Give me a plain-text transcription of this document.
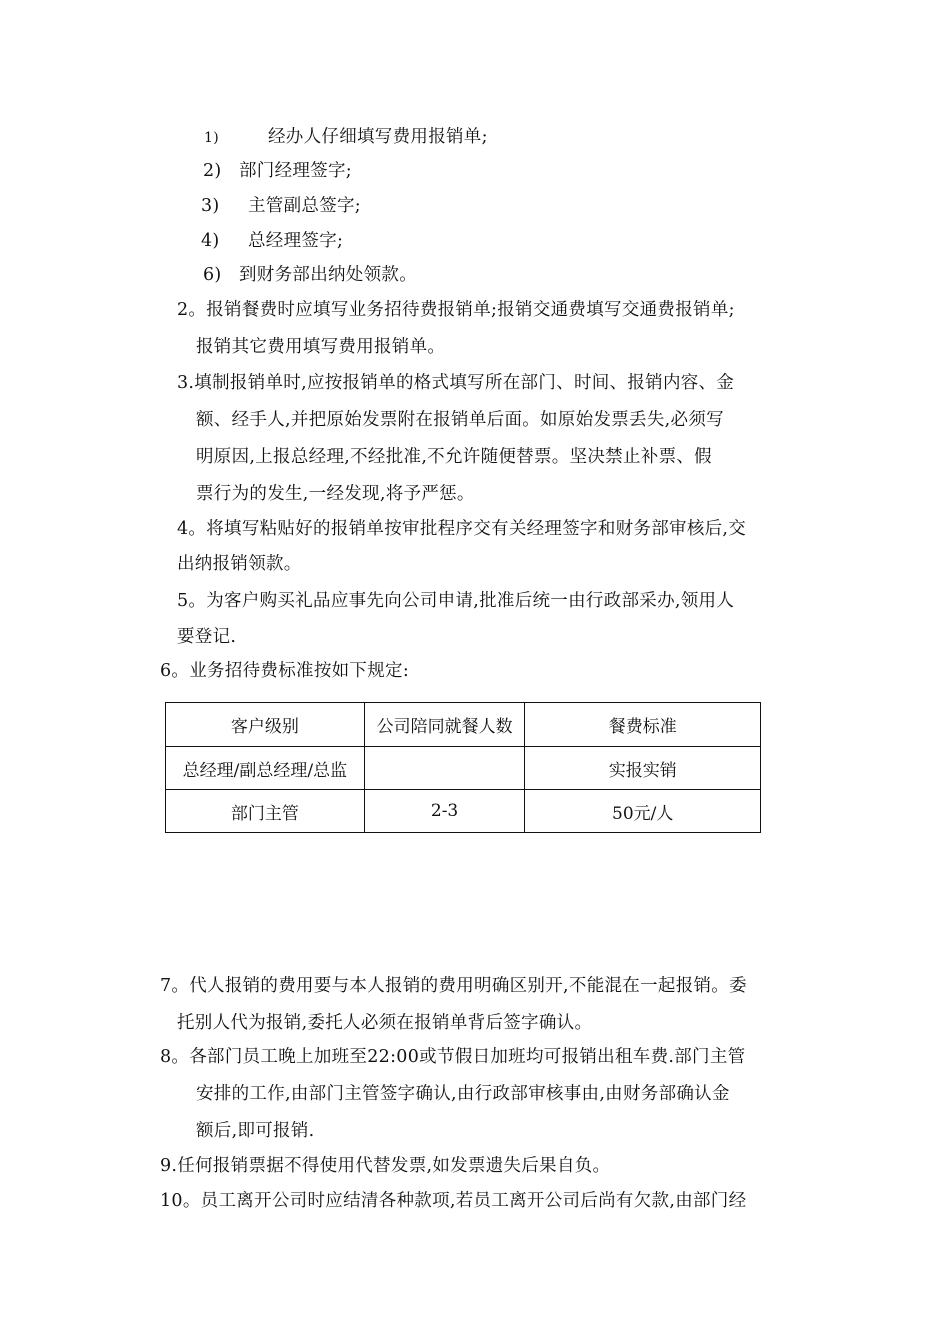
1)	经办人仔细填写费用报销单;
2) 部门经理签字;
3) 主管副总签字;
4) 总经理签字;
6) 到财务部出纳处领款。
2。报销餐费时应填写业务招待费报销单;报销交通费填写交通费报销单;
报销其它费用填写费用报销单。
3.填制报销单时,应按报销单的格式填写所在部门、时间、报销内容、金
额、经手人,并把原始发票附在报销单后面。如原始发票丢失,必须写
明原因,上报总经理,不经批准,不允许随便替票。坚决禁止补票、假
票行为的发生,一经发现,将予严惩。
4。将填写粘贴好的报销单按审批程序交有关经理签字和财务部审核后,交
出纳报销领款。
5。为客户购买礼品应事先向公司申请,批准后统一由行政部采办,领用人
要登记.
6。业务招待费标准按如下规定:
客户级别	公司陪同就餐人数	餐费标准
总经理/副总经理/总监		实报实销
部门主管	2-3	50元/人
7。代人报销的费用要与本人报销的费用明确区别开,不能混在一起报销。委
托别人代为报销,委托人必须在报销单背后签字确认。
8。各部门员工晚上加班至22:00或节假日加班均可报销出租车费.部门主管
安排的工作,由部门主管签字确认,由行政部审核事由,由财务部确认金
额后,即可报销.
9.任何报销票据不得使用代替发票,如发票遗失后果自负。
10。员工离开公司时应结清各种款项,若员工离开公司后尚有欠款,由部门经
